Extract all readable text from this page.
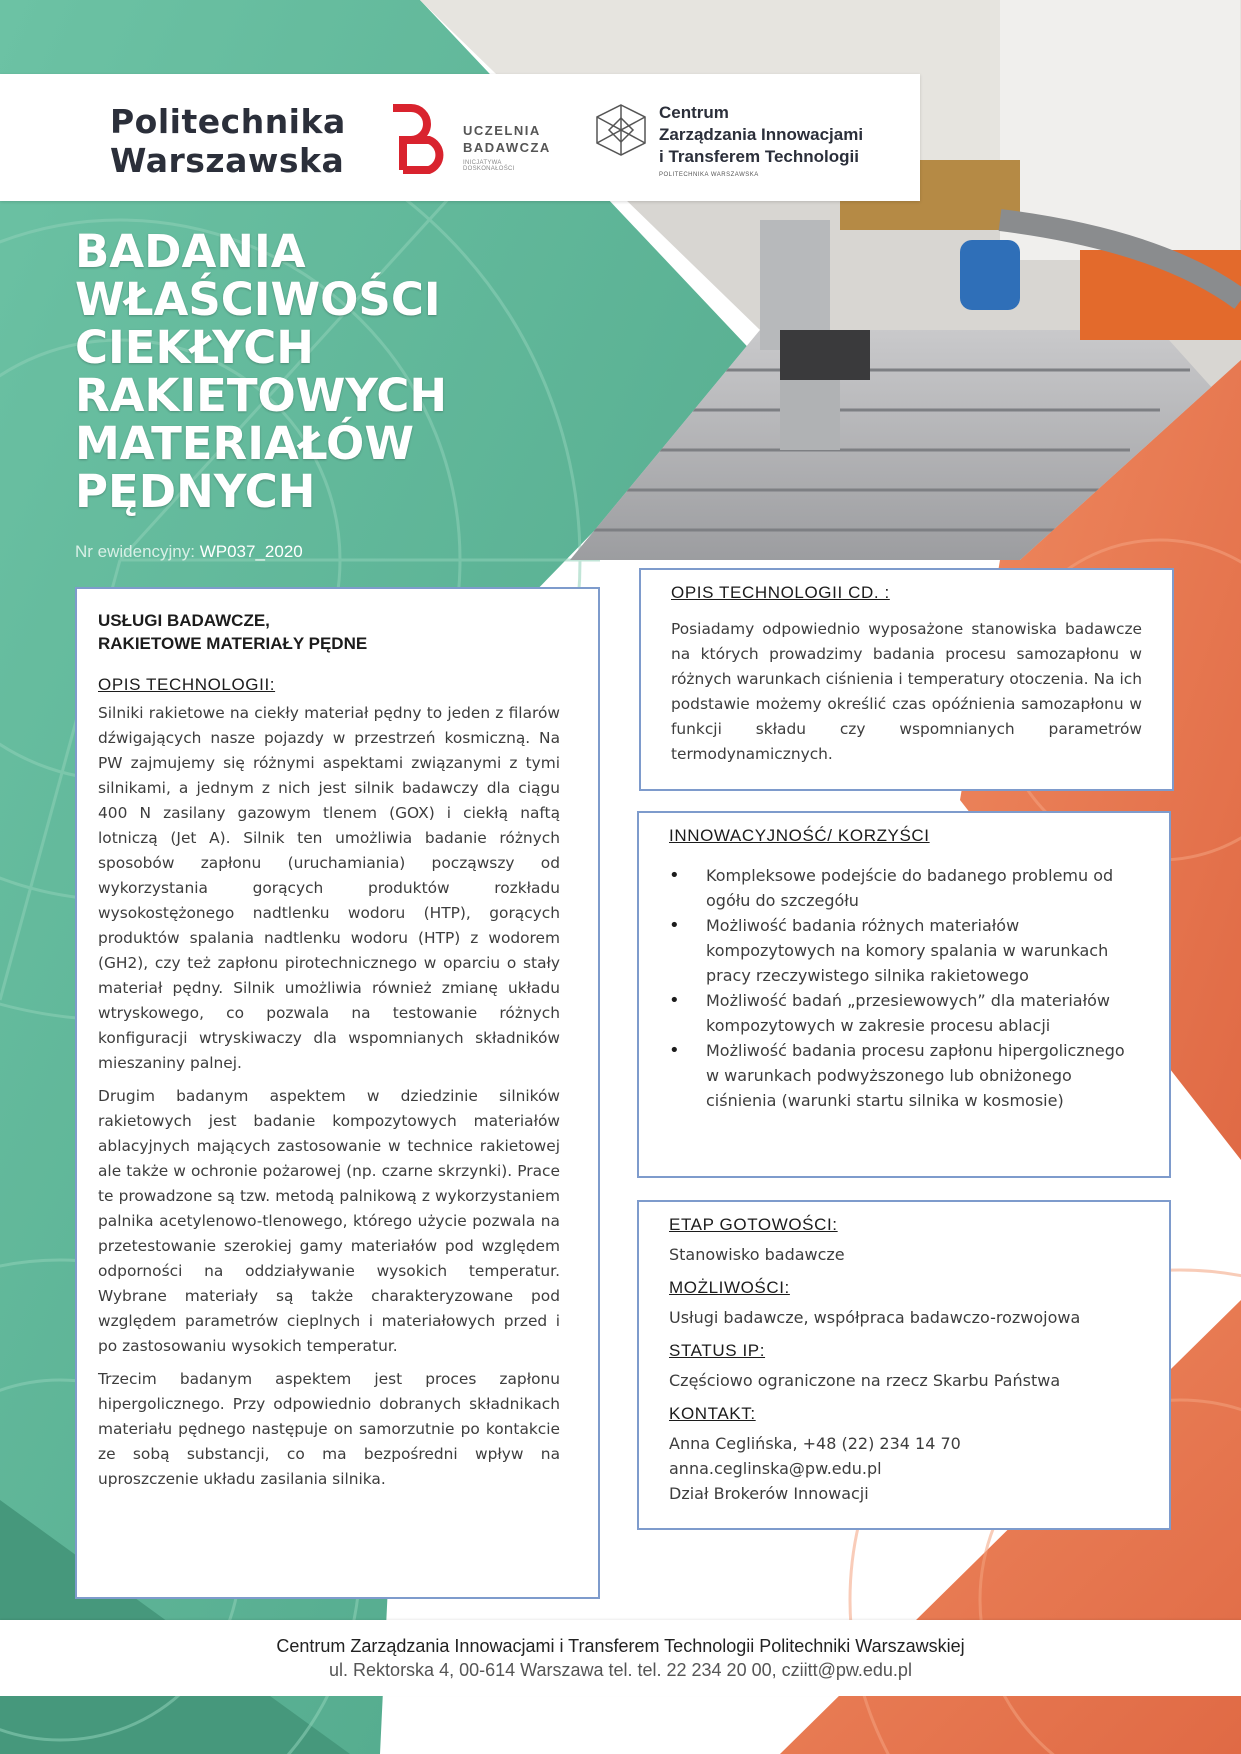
Politechnika
Warszawska
UCZELNIA
BADAWCZA
INICJATYWA DOSKONAŁOŚCI
Centrum
Zarządzania Innowacjami
i Transferem Technologii
POLITECHNIKA WARSZAWSKA
BADANIA
WŁAŚCIWOŚCI
CIEKŁYCH
RAKIETOWYCH
MATERIAŁÓW
PĘDNYCH
Nr ewidencyjny: WP037_2020
USŁUGI BADAWCZE,
RAKIETOWE MATERIAŁY PĘDNE
OPIS TECHNOLOGII:
Silniki rakietowe na ciekły materiał pędny to jeden z filarów dźwigających nasze pojazdy w przestrzeń kosmiczną. Na PW zajmujemy się różnymi aspektami związanymi z tymi silnikami, a jednym z nich jest silnik badawczy dla ciągu 400 N zasilany gazowym tlenem (GOX) i ciekłą naftą lotniczą (Jet A). Silnik ten umożliwia badanie różnych sposobów zapłonu (uruchamiania) począwszy od wykorzystania gorących produktów rozkładu wysokostężonego nadtlenku wodoru (HTP), gorących produktów spalania nadtlenku wodoru (HTP) z wodorem (GH2), czy też zapłonu pirotechnicznego w oparciu o stały materiał pędny. Silnik umożliwia również zmianę układu wtryskowego, co pozwala na testowanie różnych konfiguracji wtryskiwaczy dla wspomnianych składników mieszaniny palnej.
Drugim badanym aspektem w dziedzinie silników rakietowych jest badanie kompozytowych materiałów ablacyjnych mających zastosowanie w technice rakietowej ale także w ochronie pożarowej (np. czarne skrzynki). Prace te prowadzone są tzw. metodą palnikową z wykorzystaniem palnika acetylenowo-tlenowego, którego użycie pozwala na przetestowanie szerokiej gamy materiałów pod względem odporności na oddziaływanie wysokich temperatur. Wybrane materiały są także charakteryzowane pod względem parametrów cieplnych i materiałowych przed i po zastosowaniu wysokich temperatur.
Trzecim badanym aspektem jest proces zapłonu hipergolicznego. Przy odpowiednio dobranych składnikach materiału pędnego następuje on samorzutnie po kontakcie ze sobą substancji, co ma bezpośredni wpływ na uproszczenie układu zasilania silnika.
OPIS TECHNOLOGII CD. :
Posiadamy odpowiednio wyposażone stanowiska badawcze na których prowadzimy badania procesu samozapłonu w różnych warunkach ciśnienia i temperatury otoczenia. Na ich podstawie możemy określić czas opóźnienia samozapłonu w funkcji składu czy wspomnianych parametrów termodynamicznych.
INNOWACYJNOŚĆ/ KORZYŚCI
• Kompleksowe podejście do badanego problemu od ogółu do szczegółu
• Możliwość badania różnych materiałów kompozytowych na komory spalania w warunkach pracy rzeczywistego silnika rakietowego
• Możliwość badań „przesiewowych” dla materiałów kompozytowych w zakresie procesu ablacji
• Możliwość badania procesu zapłonu hipergolicznego w warunkach podwyższonego lub obniżonego ciśnienia (warunki startu silnika w kosmosie)
ETAP GOTOWOŚCI:
Stanowisko badawcze
MOŻLIWOŚCI:
Usługi badawcze, współpraca badawczo-rozwojowa
STATUS IP:
Częściowo ograniczone na rzecz Skarbu Państwa
KONTAKT:
Anna Ceglińska, +48 (22) 234 14 70
anna.ceglinska@pw.edu.pl
Dział Brokerów Innowacji
Centrum Zarządzania Innowacjami i Transferem Technologii Politechniki Warszawskiej
ul. Rektorska 4, 00-614 Warszawa tel. tel. 22 234 20 00, cziitt@pw.edu.pl
